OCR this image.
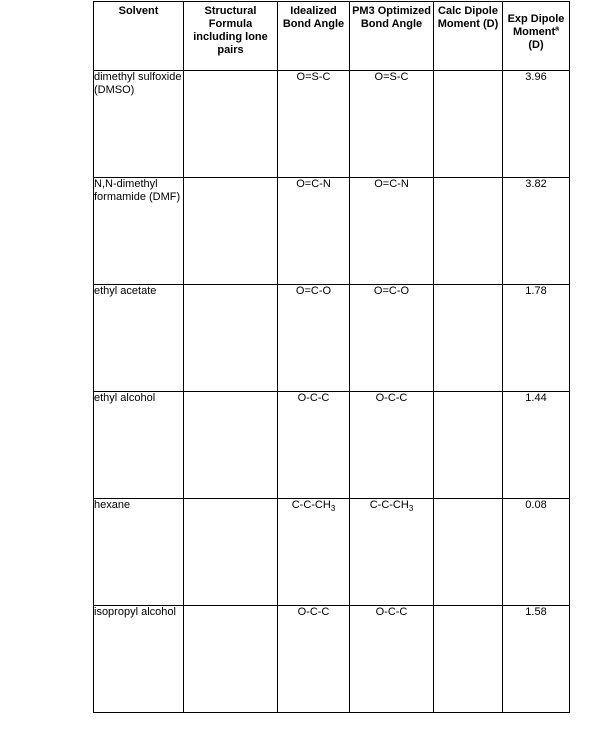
Solvent	Structural Formula including lone pairs	Idealized Bond Angle	PM3 Optimized Bond Angle	Calc Dipole Moment (D)	Exp Dipole Moment$^a$
(D)
dimethyl sulfoxide (DMSO)		O=S-C	O=S-C		3.96
N,N-dimethyl formamide (DMF)		O=C-N	O=C-N		3.82
ethyl acetate		O=C-O	O=C-O		1.78
ethyl alcohol		O-C-C	O-C-C		1.44
hexane		$C-C-CH_3$	$C-C-CH_3$		0.08
isopropyl alcohol		O-C-C	O-C-C		1.58
